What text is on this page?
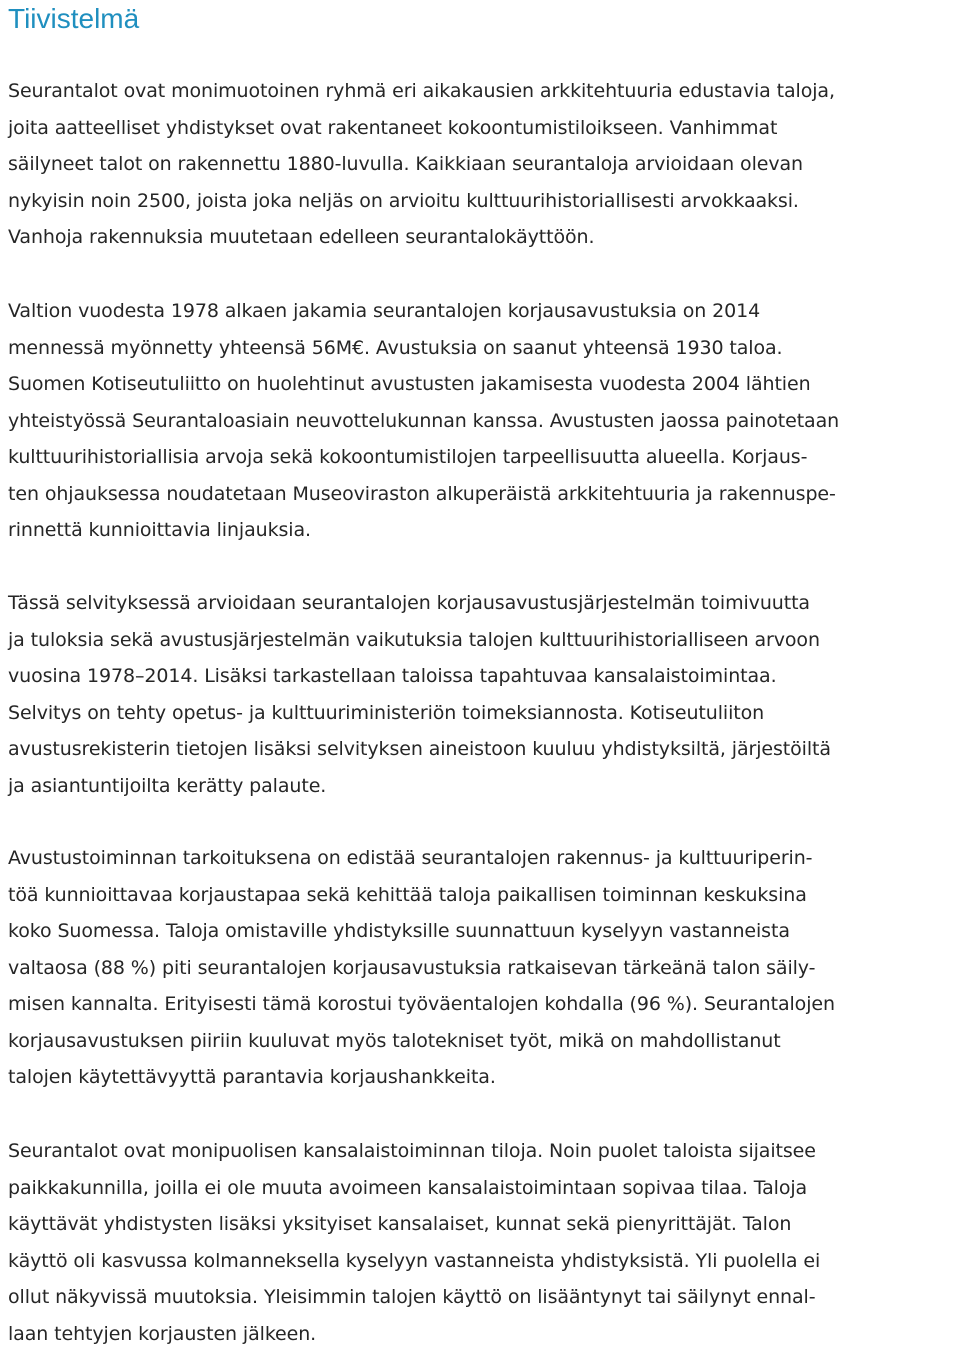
Tiivistelmä

Seurantalot ovat monimuotoinen ryhmä eri aikakausien arkkitehtuuria edustavia taloja,
joita aatteelliset yhdistykset ovat rakentaneet kokoontumistiloikseen. Vanhimmat
säilyneet talot on rakennettu 1880-luvulla. Kaikkiaan seurantaloja arvioidaan olevan
nykyisin noin 2500, joista joka neljäs on arvioitu kulttuurihistoriallisesti arvokkaaksi.
Vanhoja rakennuksia muutetaan edelleen seurantalokäyttöön.

Valtion vuodesta 1978 alkaen jakamia seurantalojen korjausavustuksia on 2014
mennessä myönnetty yhteensä 56M€. Avustuksia on saanut yhteensä 1930 taloa.
Suomen Kotiseutuliitto on huolehtinut avustusten jakamisesta vuodesta 2004 lähtien
yhteistyössä Seurantaloasiain neuvottelukunnan kanssa. Avustusten jaossa painotetaan
kulttuurihistoriallisia arvoja sekä kokoontumistilojen tarpeellisuutta alueella. Korjaus-
ten ohjauksessa noudatetaan Museoviraston alkuperäistä arkkitehtuuria ja rakennuspe-
rinnettä kunnioittavia linjauksia.

Tässä selvityksessä arvioidaan seurantalojen korjausavustusjärjestelmän toimivuutta
ja tuloksia sekä avustusjärjestelmän vaikutuksia talojen kulttuurihistorialliseen arvoon
vuosina 1978–2014. Lisäksi tarkastellaan taloissa tapahtuvaa kansalaistoimintaa.
Selvitys on tehty opetus- ja kulttuuriministeriön toimeksiannosta. Kotiseutuliiton
avustusrekisterin tietojen lisäksi selvityksen aineistoon kuuluu yhdistyksiltä, järjestöiltä
ja asiantuntijoilta kerätty palaute.

Avustustoiminnan tarkoituksena on edistää seurantalojen rakennus- ja kulttuuriperin-
töä kunnioittavaa korjaustapaa sekä kehittää taloja paikallisen toiminnan keskuksina
koko Suomessa. Taloja omistaville yhdistyksille suunnattuun kyselyyn vastanneista
valtaosa (88 %) piti seurantalojen korjausavustuksia ratkaisevan tärkeänä talon säily-
misen kannalta. Erityisesti tämä korostui työväentalojen kohdalla (96 %). Seurantalojen
korjausavustuksen piiriin kuuluvat myös talotekniset työt, mikä on mahdollistanut
talojen käytettävyyttä parantavia korjaushankkeita.

Seurantalot ovat monipuolisen kansalaistoiminnan tiloja. Noin puolet taloista sijaitsee
paikkakunnilla, joilla ei ole muuta avoimeen kansalaistoimintaan sopivaa tilaa. Taloja
käyttävät yhdistysten lisäksi yksityiset kansalaiset, kunnat sekä pienyrittäjät. Talon
käyttö oli kasvussa kolmanneksella kyselyyn vastanneista yhdistyksistä. Yli puolella ei
ollut näkyvissä muutoksia. Yleisimmin talojen käyttö on lisääntynyt tai säilynyt ennal-
laan tehtyjen korjausten jälkeen.
